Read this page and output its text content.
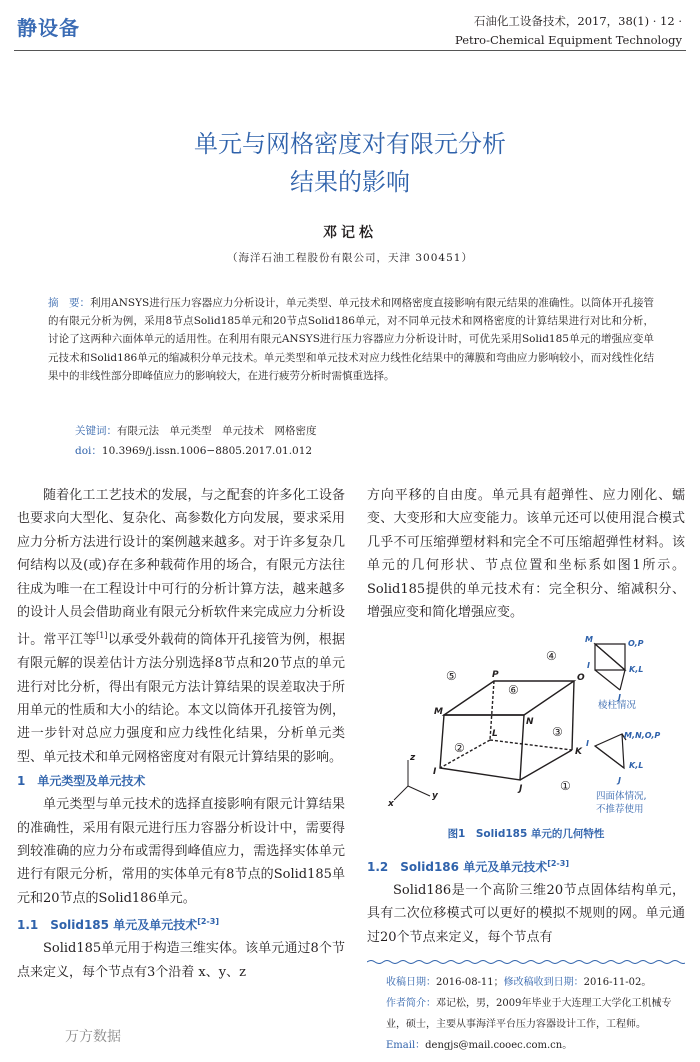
静设备	石油化工设备技术，2017，38(1) · 12 ·
Petro-Chemical Equipment Technology
单元与网格密度对有限元分析
结果的影响
邓记松
（海洋石油工程股份有限公司，天津 300451）
摘　要：利用ANSYS进行压力容器应力分析设计，单元类型、单元技术和网格密度直接影响有限元结果的准确性。以筒体开孔接管的有限元分析为例，采用8节点Solid185单元和20节点Solid186单元，对不同单元技术和网格密度的计算结果进行对比和分析，讨论了这两种六面体单元的适用性。在利用有限元ANSYS进行压力容器应力分析设计时，可优先采用Solid185单元的增强应变单元技术和Solid186单元的缩减积分单元技术。单元类型和单元技术对应力线性化结果中的薄膜和弯曲应力影响较小，而对线性化结果中的非线性部分即峰值应力的影响较大，在进行疲劳分析时需慎重选择。
关键词：有限元法　单元类型　单元技术　网格密度
doi：10.3969/j.issn.1006−8805.2017.01.012

随着化工工艺技术的发展，与之配套的许多化工设备也要求向大型化、复杂化、高参数化方向发展，要求采用应力分析方法进行设计的案例越来越多。对于许多复杂几何结构以及(或)存在多种载荷作用的场合，有限元方法往往成为唯一在工程设计中可行的分析计算方法，越来越多的设计人员会借助商业有限元分析软件来完成应力分析设计。常平江等[1]以承受外载荷的筒体开孔接管为例，根据有限元解的误差估计方法分别选择8节点和20节点的单元进行对比分析，得出有限元方法计算结果的误差取决于所用单元的性质和大小的结论。本文以筒体开孔接管为例，进一步针对总应力强度和应力线性化结果，分析单元类型、单元技术和单元网格密度对有限元计算结果的影响。

1　单元类型及单元技术

单元类型与单元技术的选择直接影响有限元计算结果的准确性，采用有限元进行压力容器分析设计中，需要得到较准确的应力分布或需得到峰值应力，需选择实体单元进行有限元分析，常用的实体单元有8节点的Solid185单元和20节点的Solid186单元。

1.1　Solid185 单元及单元技术[2-3]

Solid185单元用于构造三维实体。该单元通过8个节点来定义，每个节点有3个沿着 x、y、z

方向平移的自由度。单元具有超弹性、应力刚化、蠕变、大变形和大应变能力。该单元还可以使用混合模式几乎不可压缩弹塑材料和完全不可压缩超弹性材料。该单元的几何形状、节点位置和坐标系如图1所示。Solid185提供的单元技术有：完全积分、缩减积分、增强应变和简化增强应变。

M
N
O
P
I
J
K
L
z
y
x
①
②
③
④
⑤
⑥
M	O,P
I	K,L
J
棱柱情况
I
M,N,O,P
K,L
J
四面体情况,
不推荐使用
图1　Solid185 单元的几何特性
1.2　Solid186 单元及单元技术[2-3]

Solid186是一个高阶三维20节点固体结构单元，具有二次位移模式可以更好的模拟不规则的网。单元通过20个节点来定义，每个节点有

收稿日期：2016-08-11；修改稿收到日期：2016-11-02。
作者简介：邓记松，男，2009年毕业于大连理工大学化工机械专业，硕士，主要从事海洋平台压力容器设计工作，工程师。
Email：dengjs@mail.cooec.com.cn。
万方数据
